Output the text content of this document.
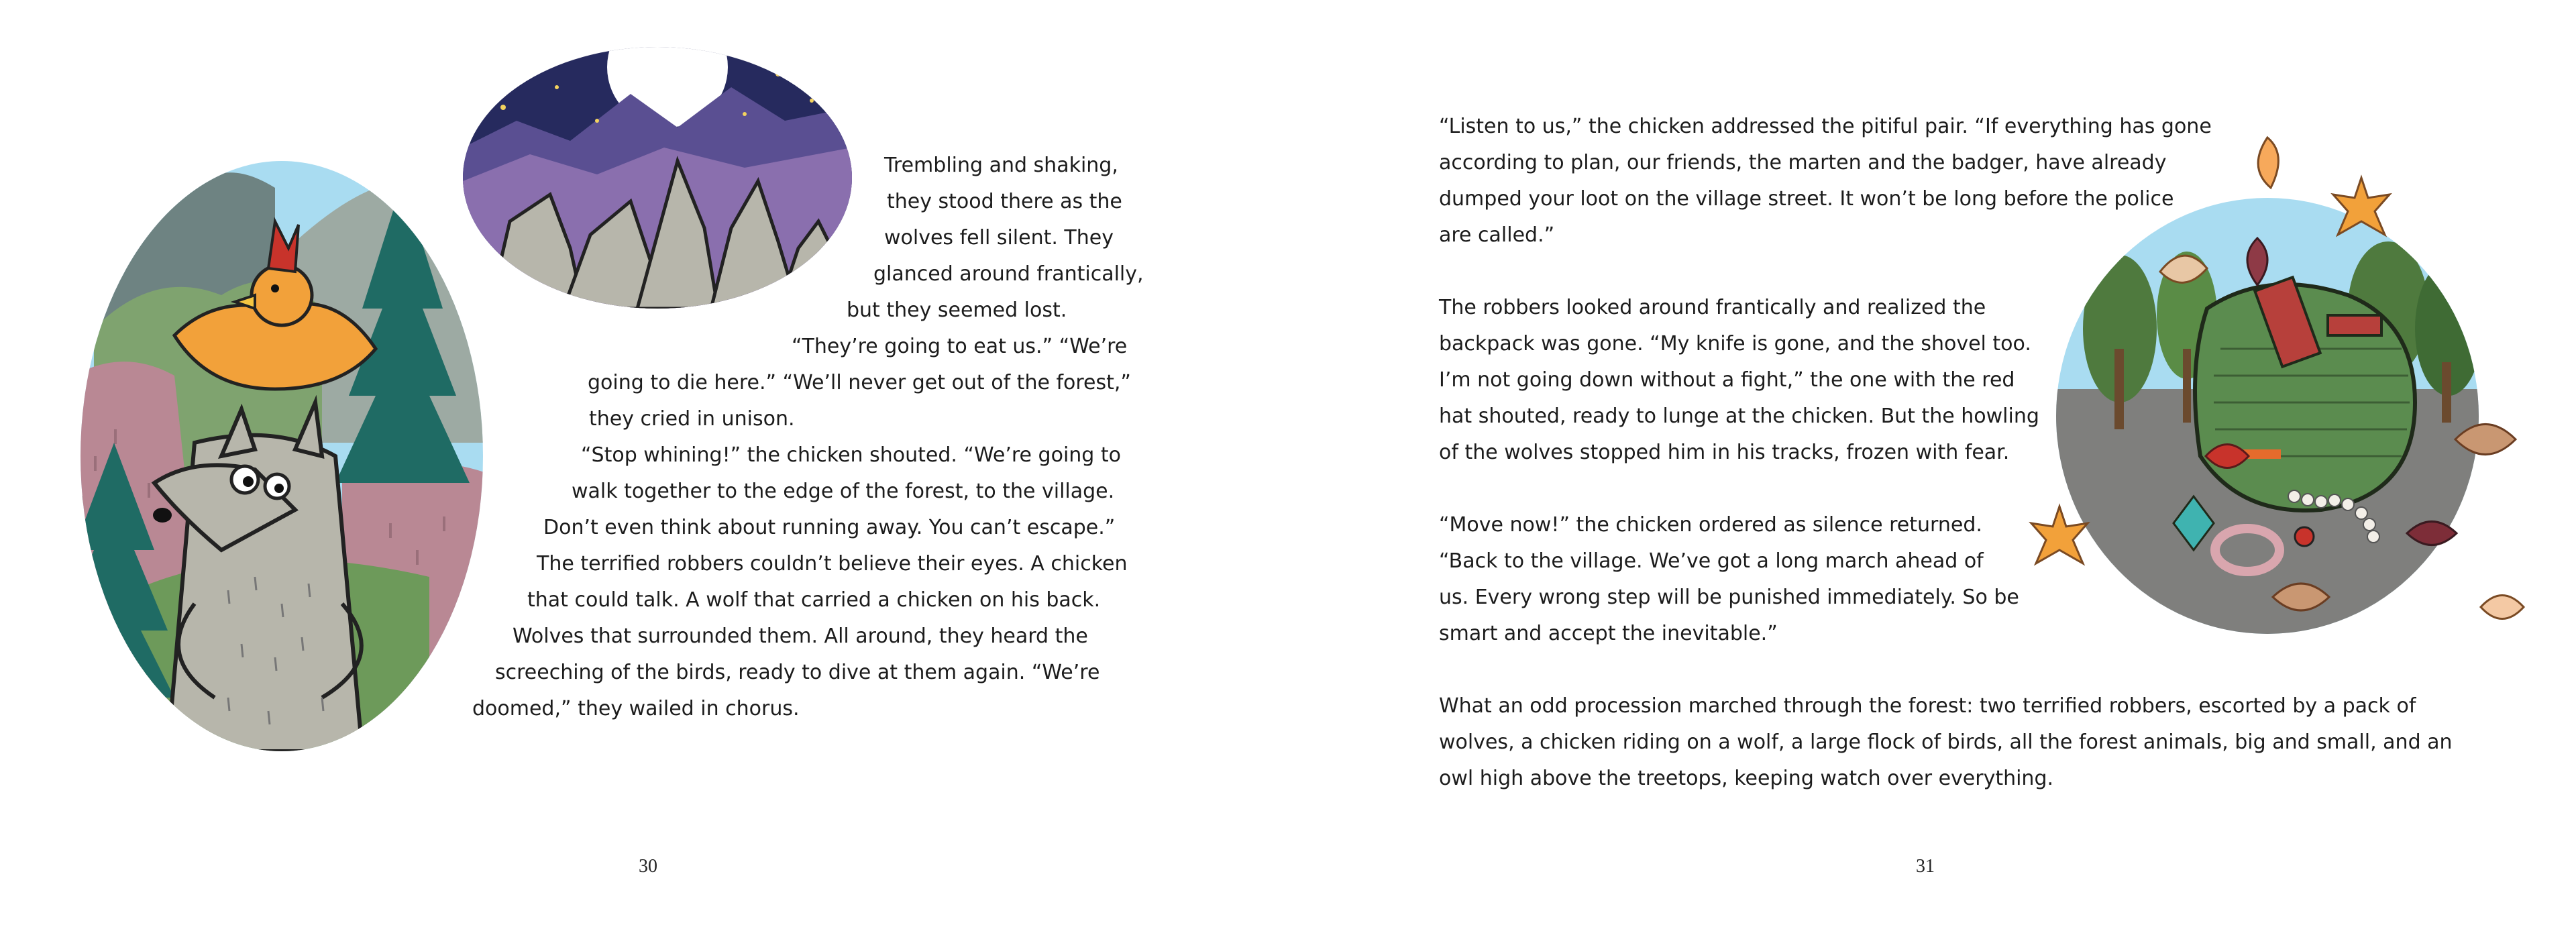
Trembling and shaking,
they stood there as the
wolves fell silent. They
glanced around frantically,
but they seemed lost.
“They’re going to eat us.” “We’re
going to die here.” “We’ll never get out of the forest,”
they cried in unison.
“Stop whining!” the chicken shouted. “We’re going to
walk together to the edge of the forest, to the village.
Don’t even think about running away. You can’t escape.”
The terrified robbers couldn’t believe their eyes. A chicken
that could talk. A wolf that carried a chicken on his back.
Wolves that surrounded them. All around, they heard the
screeching of the birds, ready to dive at them again. “We’re
doomed,” they wailed in chorus.
30
“Listen to us,” the chicken addressed the pitiful pair. “If everything has gone
according to plan, our friends, the marten and the badger, have already
dumped your loot on the village street. It won’t be long before the police
are called.”
The robbers looked around frantically and realized the
backpack was gone. “My knife is gone, and the shovel too.
I’m not going down without a fight,” the one with the red
hat shouted, ready to lunge at the chicken. But the howling
of the wolves stopped him in his tracks, frozen with fear.
“Move now!” the chicken ordered as silence returned.
“Back to the village. We’ve got a long march ahead of
us. Every wrong step will be punished immediately. So be
smart and accept the inevitable.”
What an odd procession marched through the forest: two terrified robbers, escorted by a pack of
wolves, a chicken riding on a wolf, a large flock of birds, all the forest animals, big and small, and an
owl high above the treetops, keeping watch over everything.
31
